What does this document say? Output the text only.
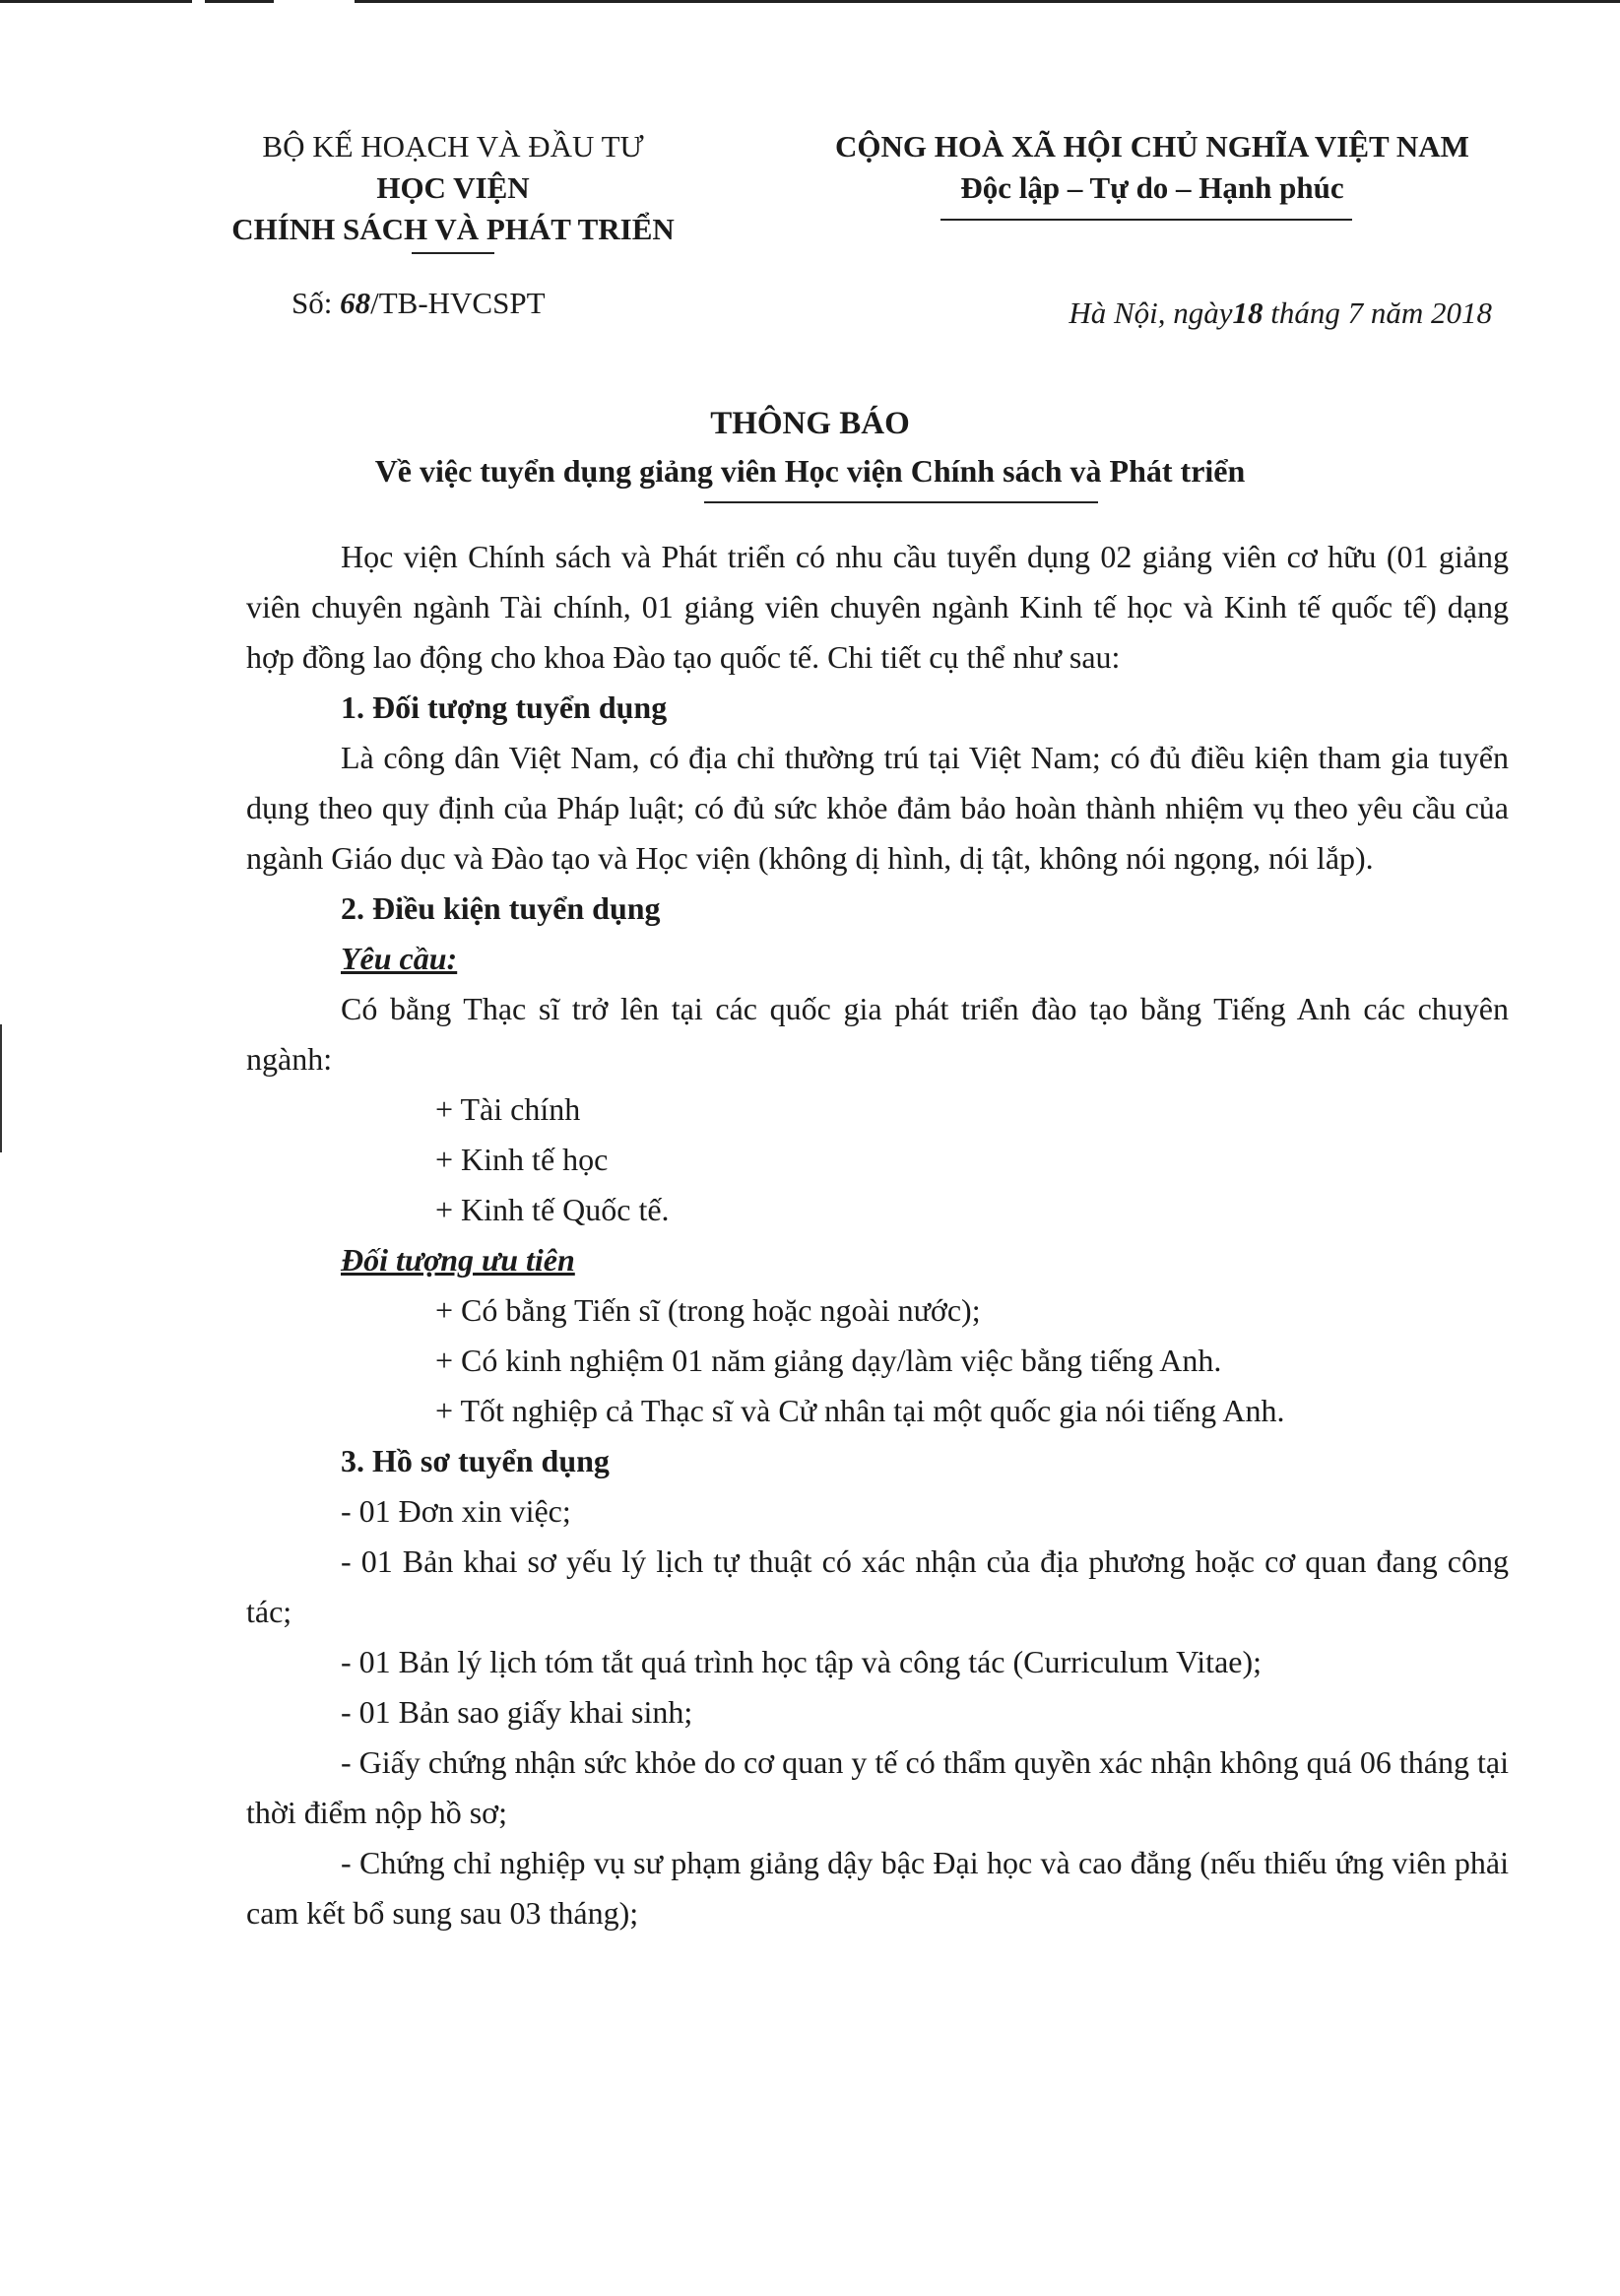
BỘ KẾ HOẠCH VÀ ĐẦU TƯ
HỌC VIỆN
CHÍNH SÁCH VÀ PHÁT TRIỂN
CỘNG HOÀ XÃ HỘI CHỦ NGHĨA VIỆT NAM
Độc lập – Tự do – Hạnh phúc
Số: 68/TB-HVCSPT	Hà Nội, ngày18 tháng 7 năm 2018
THÔNG BÁO
Về việc tuyển dụng giảng viên Học viện Chính sách và Phát triển

Học viện Chính sách và Phát triển có nhu cầu tuyển dụng 02 giảng viên cơ hữu (01 giảng viên chuyên ngành Tài chính, 01 giảng viên chuyên ngành Kinh tế học và Kinh tế quốc tế) dạng hợp đồng lao động cho khoa Đào tạo quốc tế. Chi tiết cụ thể như sau:

1. Đối tượng tuyển dụng

Là công dân Việt Nam, có địa chỉ thường trú tại Việt Nam; có đủ điều kiện tham gia tuyển dụng theo quy định của Pháp luật; có đủ sức khỏe đảm bảo hoàn thành nhiệm vụ theo yêu cầu của ngành Giáo dục và Đào tạo và Học viện (không dị hình, dị tật, không nói ngọng, nói lắp).

2. Điều kiện tuyển dụng

Yêu cầu:

Có bằng Thạc sĩ trở lên tại các quốc gia phát triển đào tạo bằng Tiếng Anh các chuyên ngành:

+ Tài chính

+ Kinh tế học

+ Kinh tế Quốc tế.

Đối tượng ưu tiên

+ Có bằng Tiến sĩ (trong hoặc ngoài nước);

+ Có kinh nghiệm 01 năm giảng dạy/làm việc bằng tiếng Anh.

+ Tốt nghiệp cả Thạc sĩ và Cử nhân tại một quốc gia nói tiếng Anh.

3. Hồ sơ tuyển dụng

- 01 Đơn xin việc;

- 01 Bản khai sơ yếu lý lịch tự thuật có xác nhận của địa phương hoặc cơ quan đang công tác;

- 01 Bản lý lịch tóm tắt quá trình học tập và công tác (Curriculum Vitae);

- 01 Bản sao giấy khai sinh;

- Giấy chứng nhận sức khỏe do cơ quan y tế có thẩm quyền xác nhận không quá 06 tháng tại thời điểm nộp hồ sơ;

- Chứng chỉ nghiệp vụ sư phạm giảng dậy bậc Đại học và cao đẳng (nếu thiếu ứng viên phải cam kết bổ sung sau 03 tháng);
